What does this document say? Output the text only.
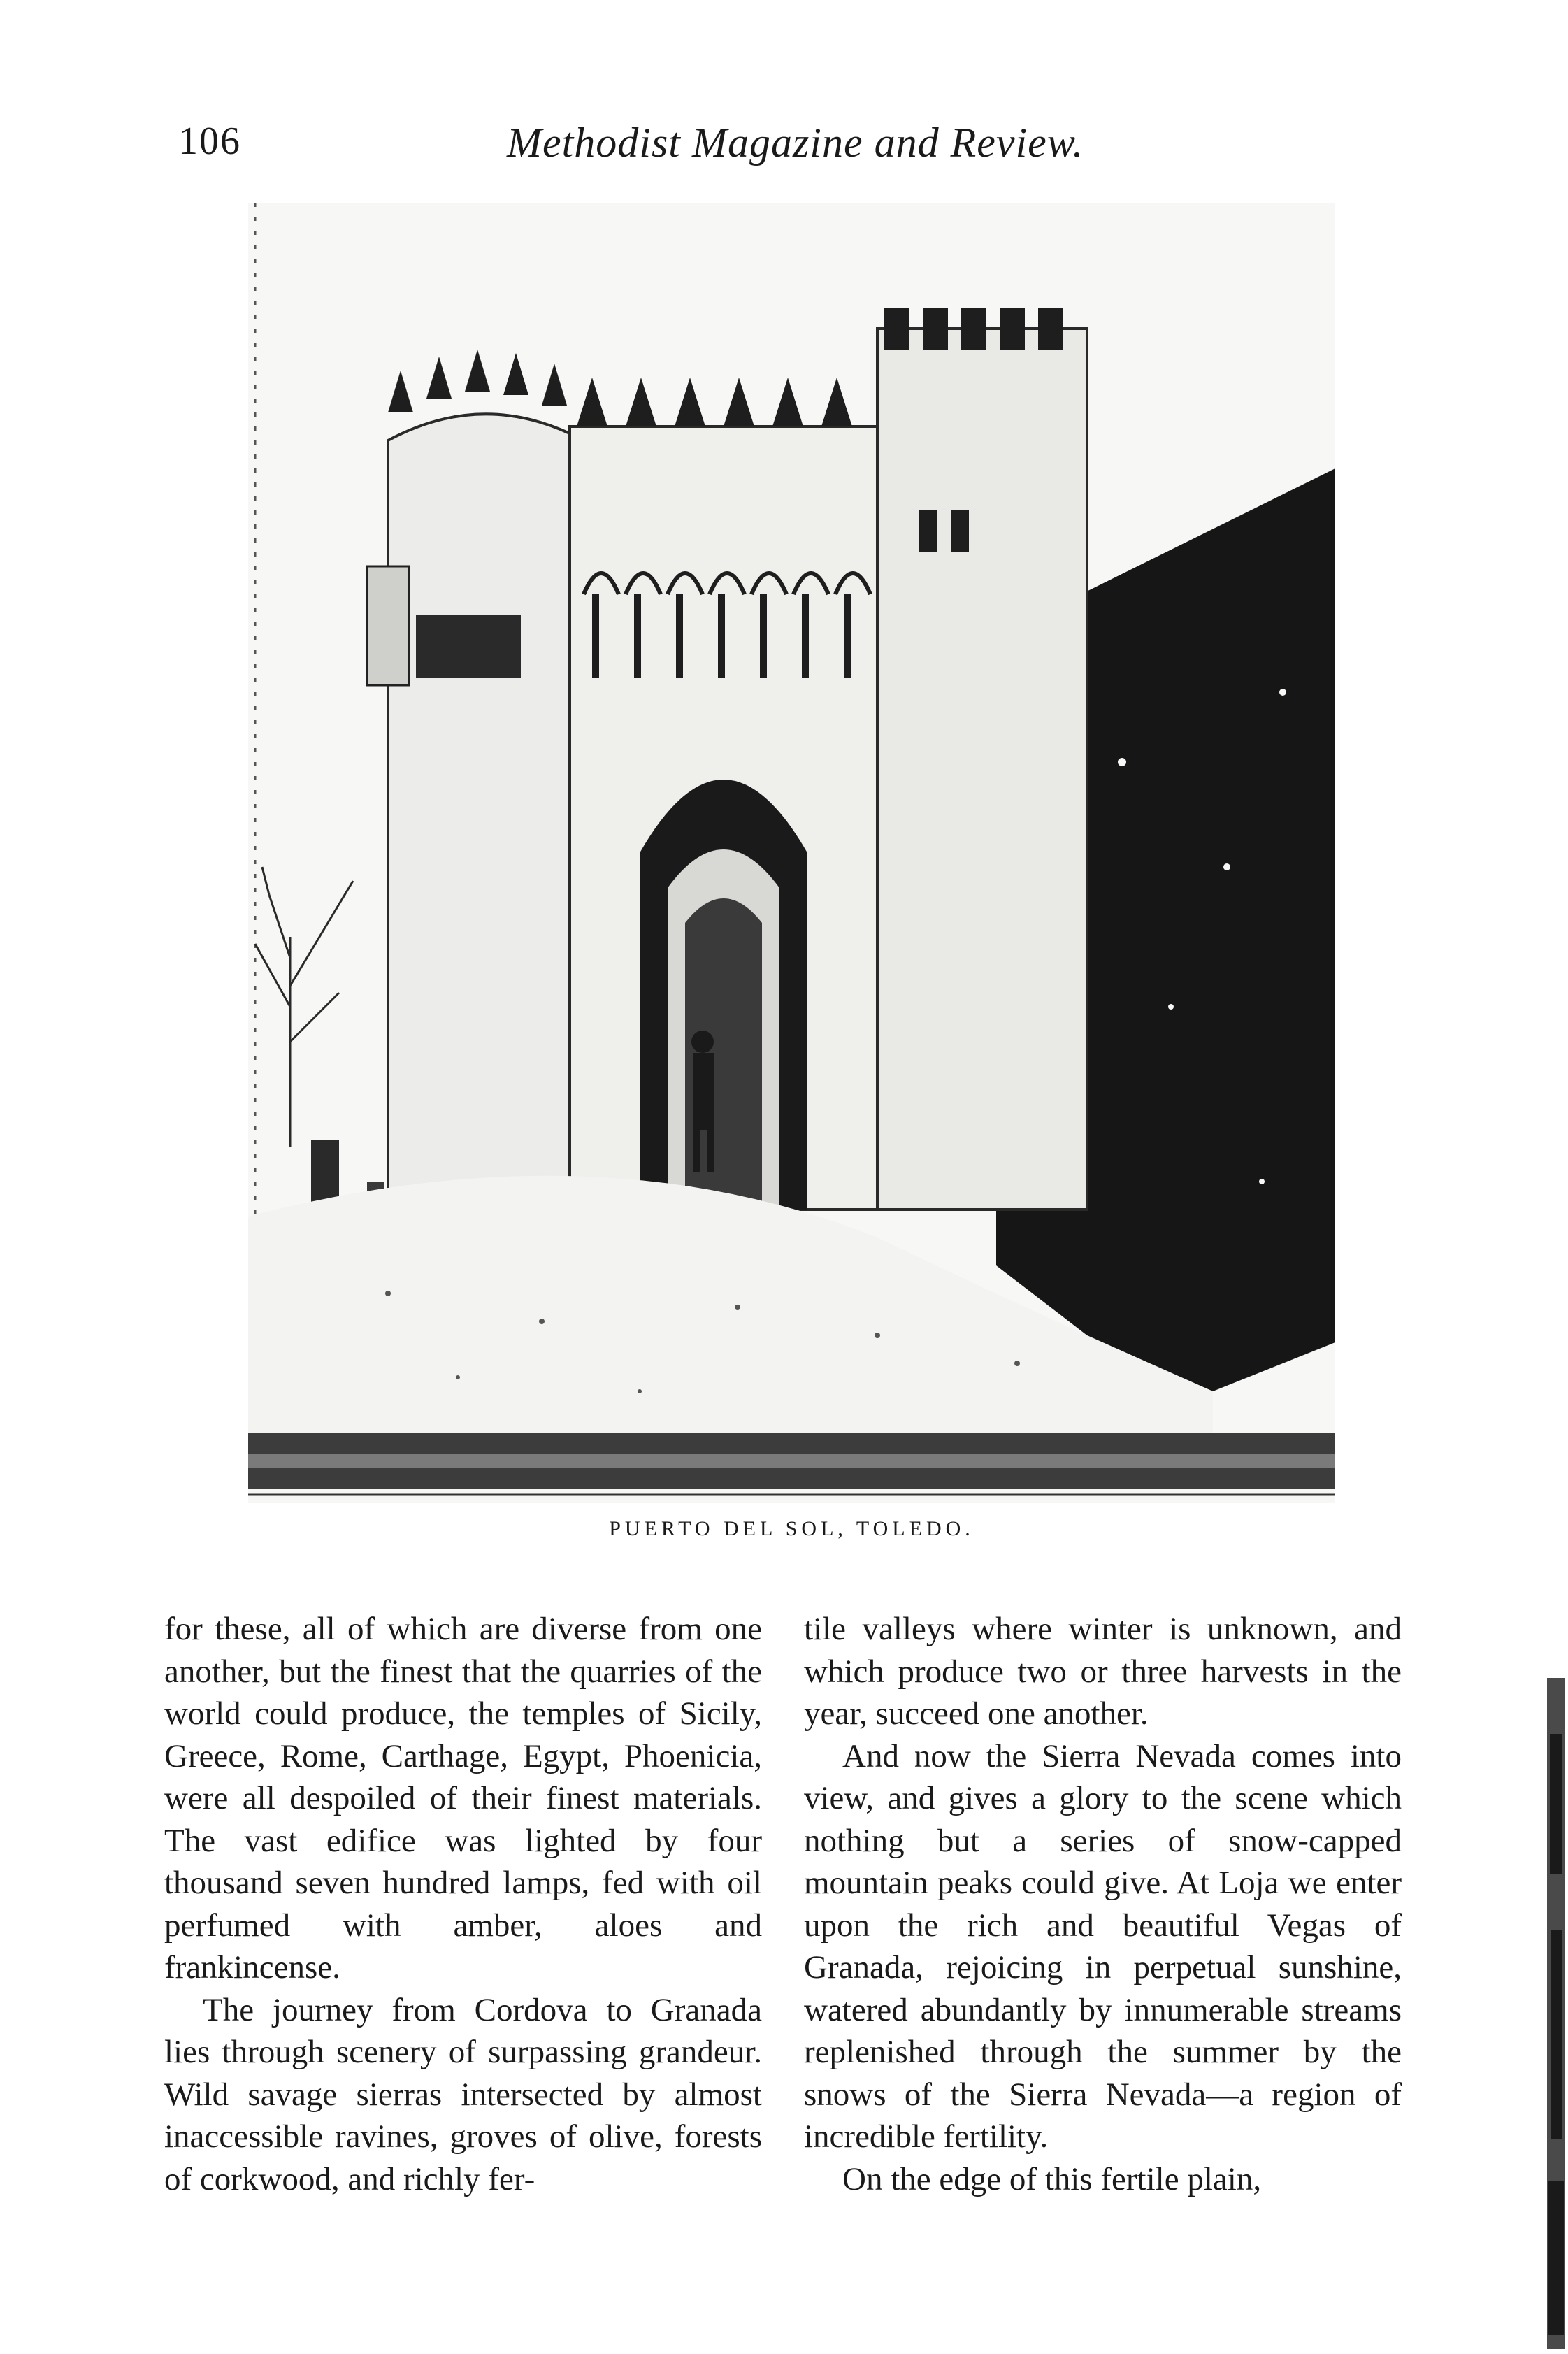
106	Methodist Magazine and Review.
PUERTO DEL SOL, TOLEDO.

for these, all of which are diverse from one another, but the finest that the quarries of the world could produce, the temples of Sicily, Greece, Rome, Carthage, Egypt, Phoenicia, were all despoiled of their finest materials. The vast edifice was lighted by four thousand seven hundred lamps, fed with oil perfumed with amber, aloes and frankincense.

The journey from Cordova to Granada lies through scenery of surpassing grandeur. Wild savage sierras intersected by almost inaccessible ravines, groves of olive, forests of corkwood, and richly fer-

tile valleys where winter is unknown, and which produce two or three harvests in the year, succeed one another.

And now the Sierra Nevada comes into view, and gives a glory to the scene which nothing but a series of snow-capped mountain peaks could give. At Loja we enter upon the rich and beautiful Vegas of Granada, rejoicing in perpetual sunshine, watered abundantly by innumerable streams replenished through the summer by the snows of the Sierra Nevada—a region of incredible fertility.

On the edge of this fertile plain,
